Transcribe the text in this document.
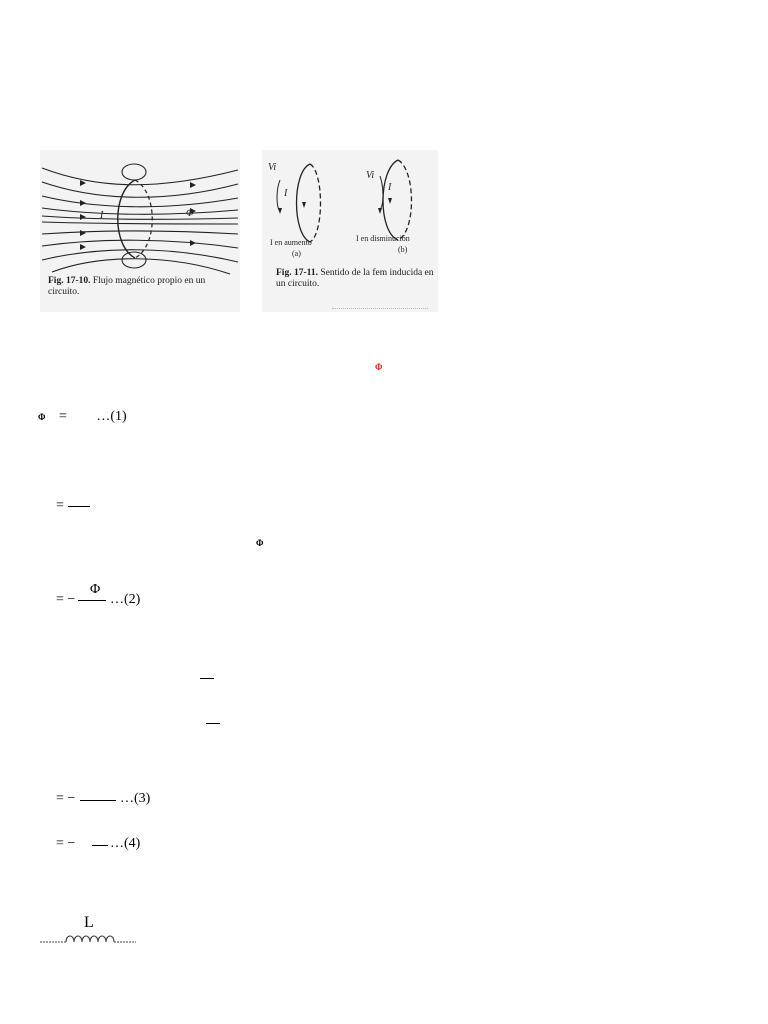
I	Φ
Fig. 17-10. Flujo magnético propio en un circuito.
Vi
I
Vi
I
I en aumento
(a)
I en disminución
(b)
Fig. 17-11. Sentido de la fem inducida en un circuito.
Φ
Φ = …(1)
=
Φ
= −
Φ
…(2)
= −	…(3)
= − …(4)
L
